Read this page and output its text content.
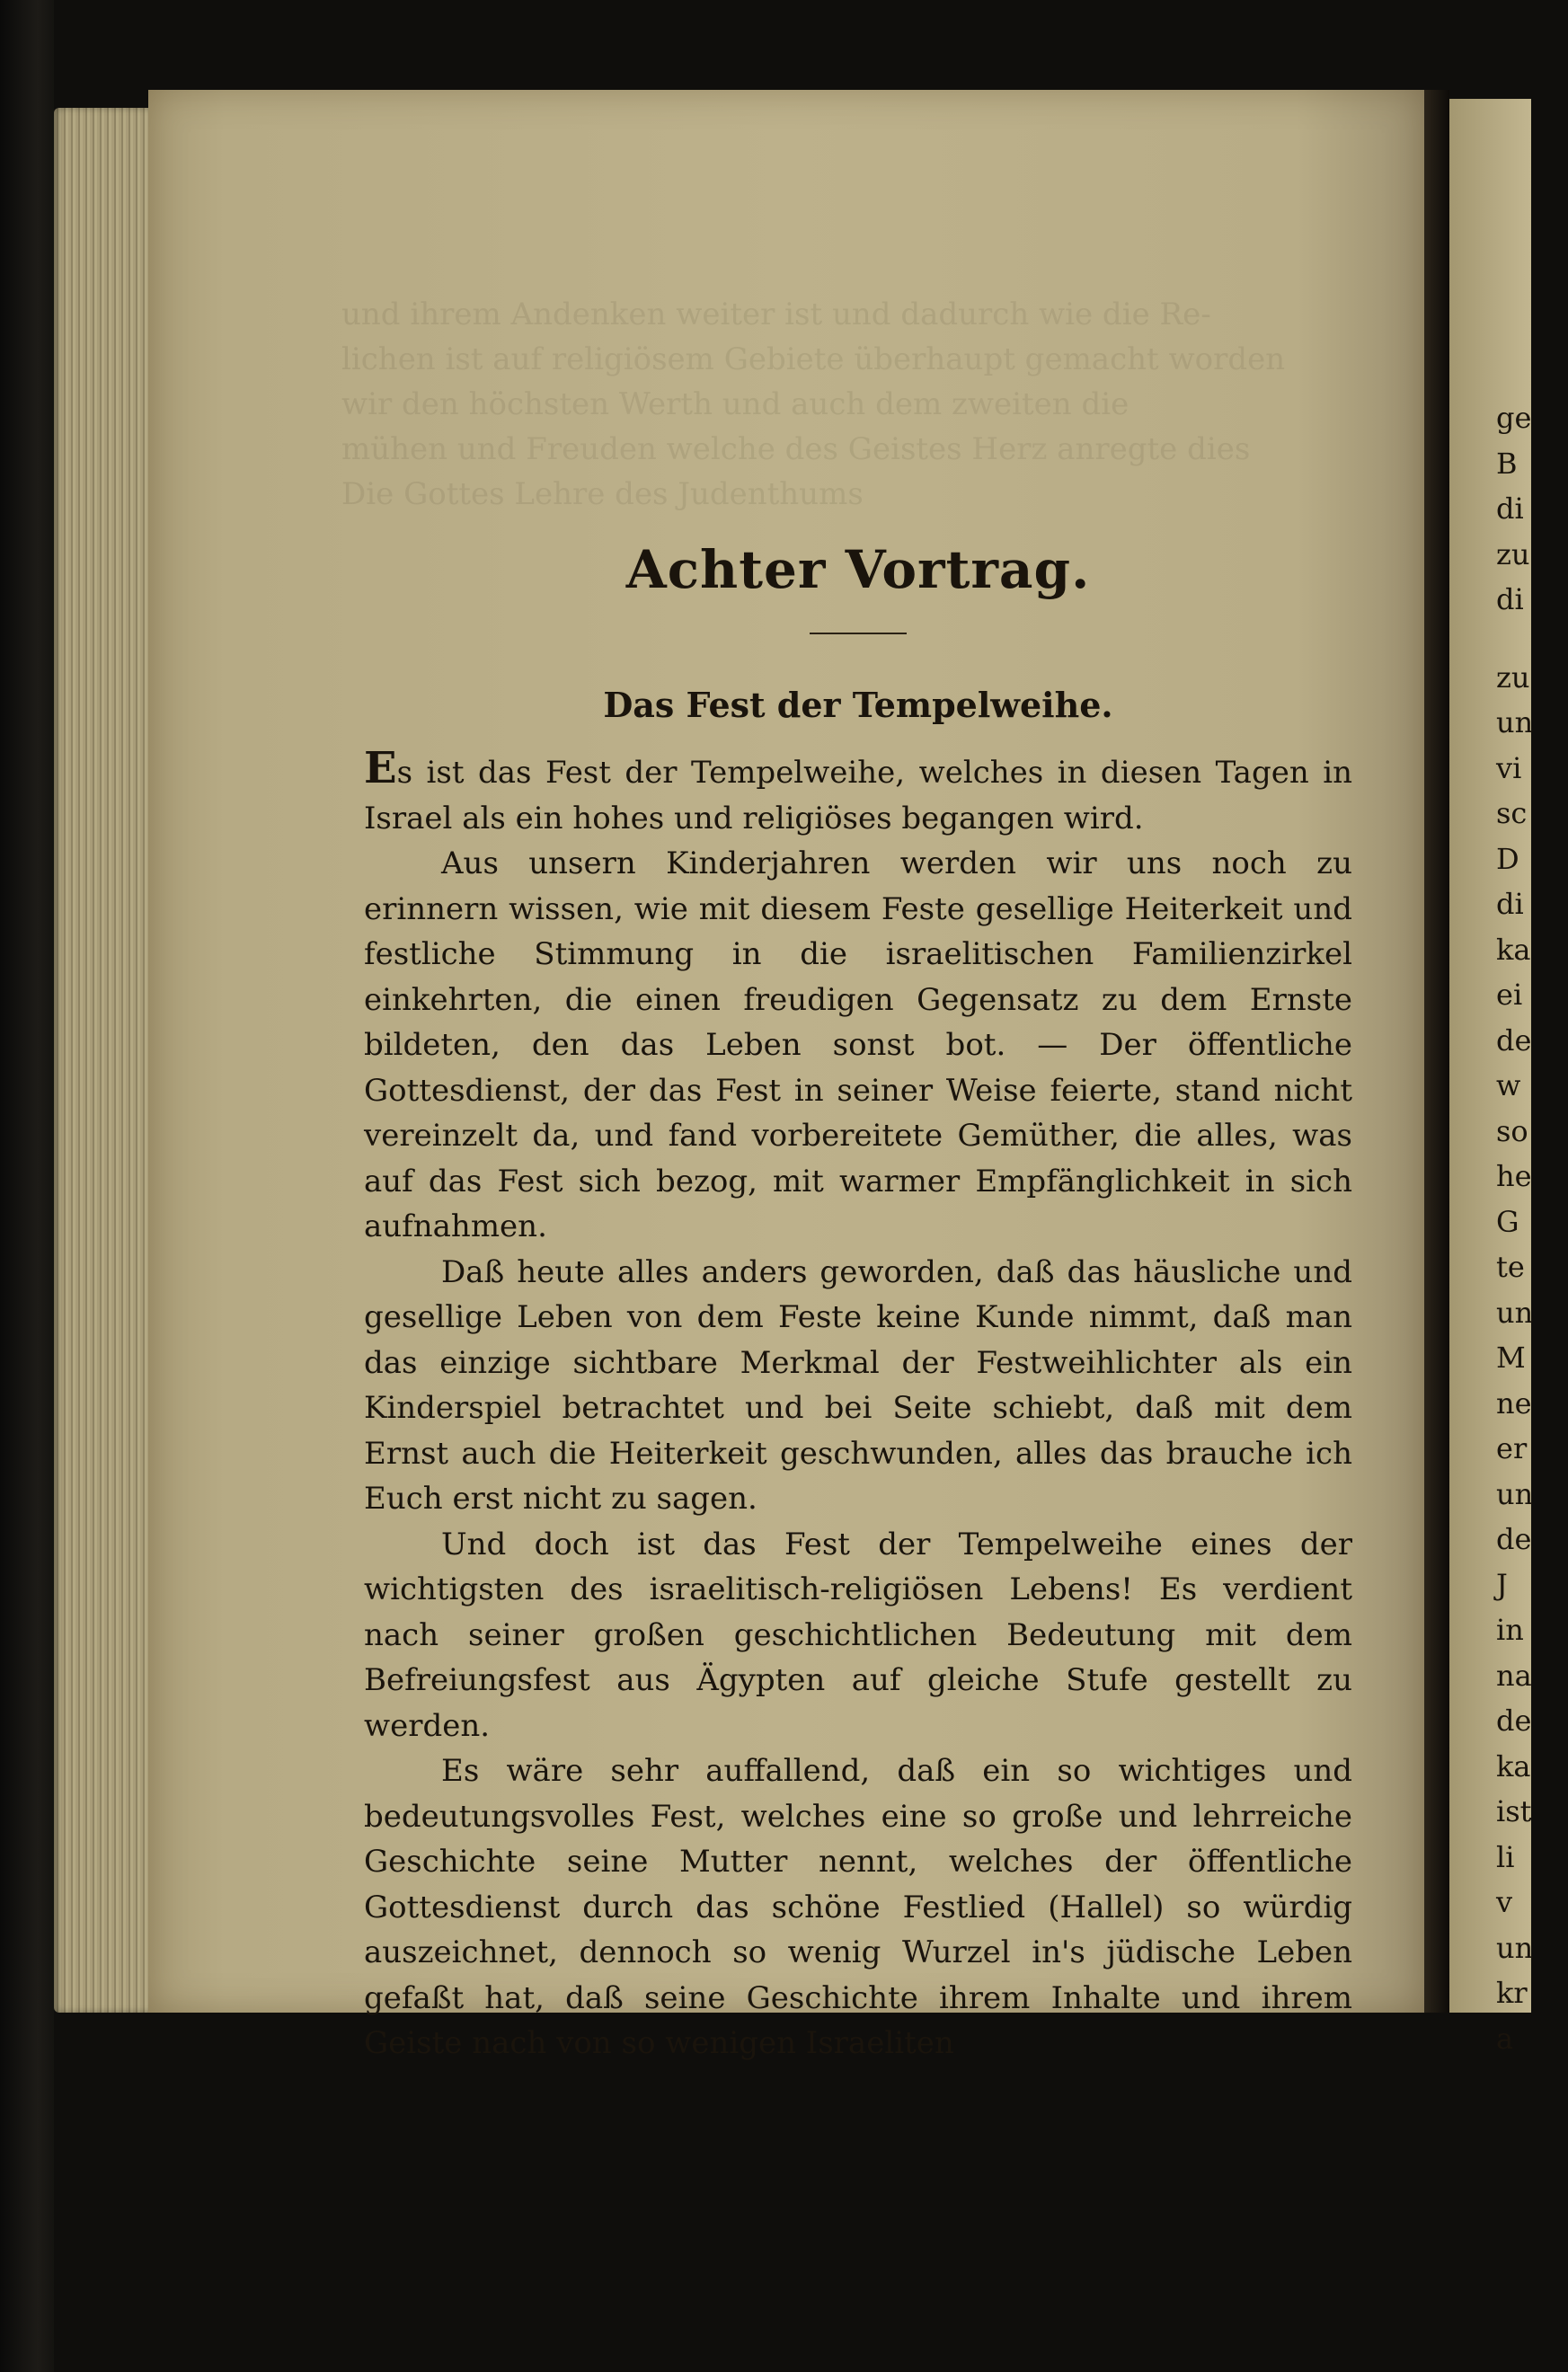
und ihrem Andenken weiter ist und dadurch wie die Re-
lichen ist auf religiösem Gebiete überhaupt gemacht worden
wir den höchsten Werth und auch dem zweiten die
mühen und Freuden welche des Geistes Herz anregte dies
Die Gottes Lehre des Judenthums
Achter Vortrag.
Das Fest der Tempelweihe.

Es ist das Fest der Tempelweihe, welches in diesen Tagen in Israel als ein hohes und religiöses begangen wird.

Aus unsern Kinderjahren werden wir uns noch zu erinnern wissen, wie mit diesem Feste gesellige Heiterkeit und festliche Stimmung in die israelitischen Familienzirkel einkehrten, die einen freudigen Gegensatz zu dem Ernste bildeten, den das Leben sonst bot. — Der öffentliche Gottesdienst, der das Fest in seiner Weise feierte, stand nicht vereinzelt da, und fand vorbereitete Gemüther, die alles, was auf das Fest sich bezog, mit warmer Empfänglichkeit in sich aufnahmen.

Daß heute alles anders geworden, daß das häusliche und gesellige Leben von dem Feste keine Kunde nimmt, daß man das einzige sichtbare Merkmal der Festweihlichter als ein Kinderspiel betrachtet und bei Seite schiebt, daß mit dem Ernst auch die Heiterkeit geschwunden, alles das brauche ich Euch erst nicht zu sagen.

Und doch ist das Fest der Tempelweihe eines der wichtigsten des israelitisch-religiösen Lebens! Es verdient nach seiner großen geschichtlichen Bedeutung mit dem Befreiungsfest aus Ägypten auf gleiche Stufe gestellt zu werden.

Es wäre sehr auffallend, daß ein so wichtiges und bedeutungsvolles Fest, welches eine so große und lehrreiche Geschichte seine Mutter nennt, welches der öffentliche Gottesdienst durch das schöne Festlied (Hallel) so würdig auszeichnet, dennoch so wenig Wurzel in's jüdische Leben gefaßt hat, daß seine Geschichte ihrem Inhalte und ihrem Geiste nach von so wenigen Israeliten

ge
B
di
zu
di
zu
un
vi
sc
D
di
ka
ei
de
w
so
he
G
te
un
M
ne
er
un
de
J
in
na
de
ka
ist
li
v
un
kr
a
